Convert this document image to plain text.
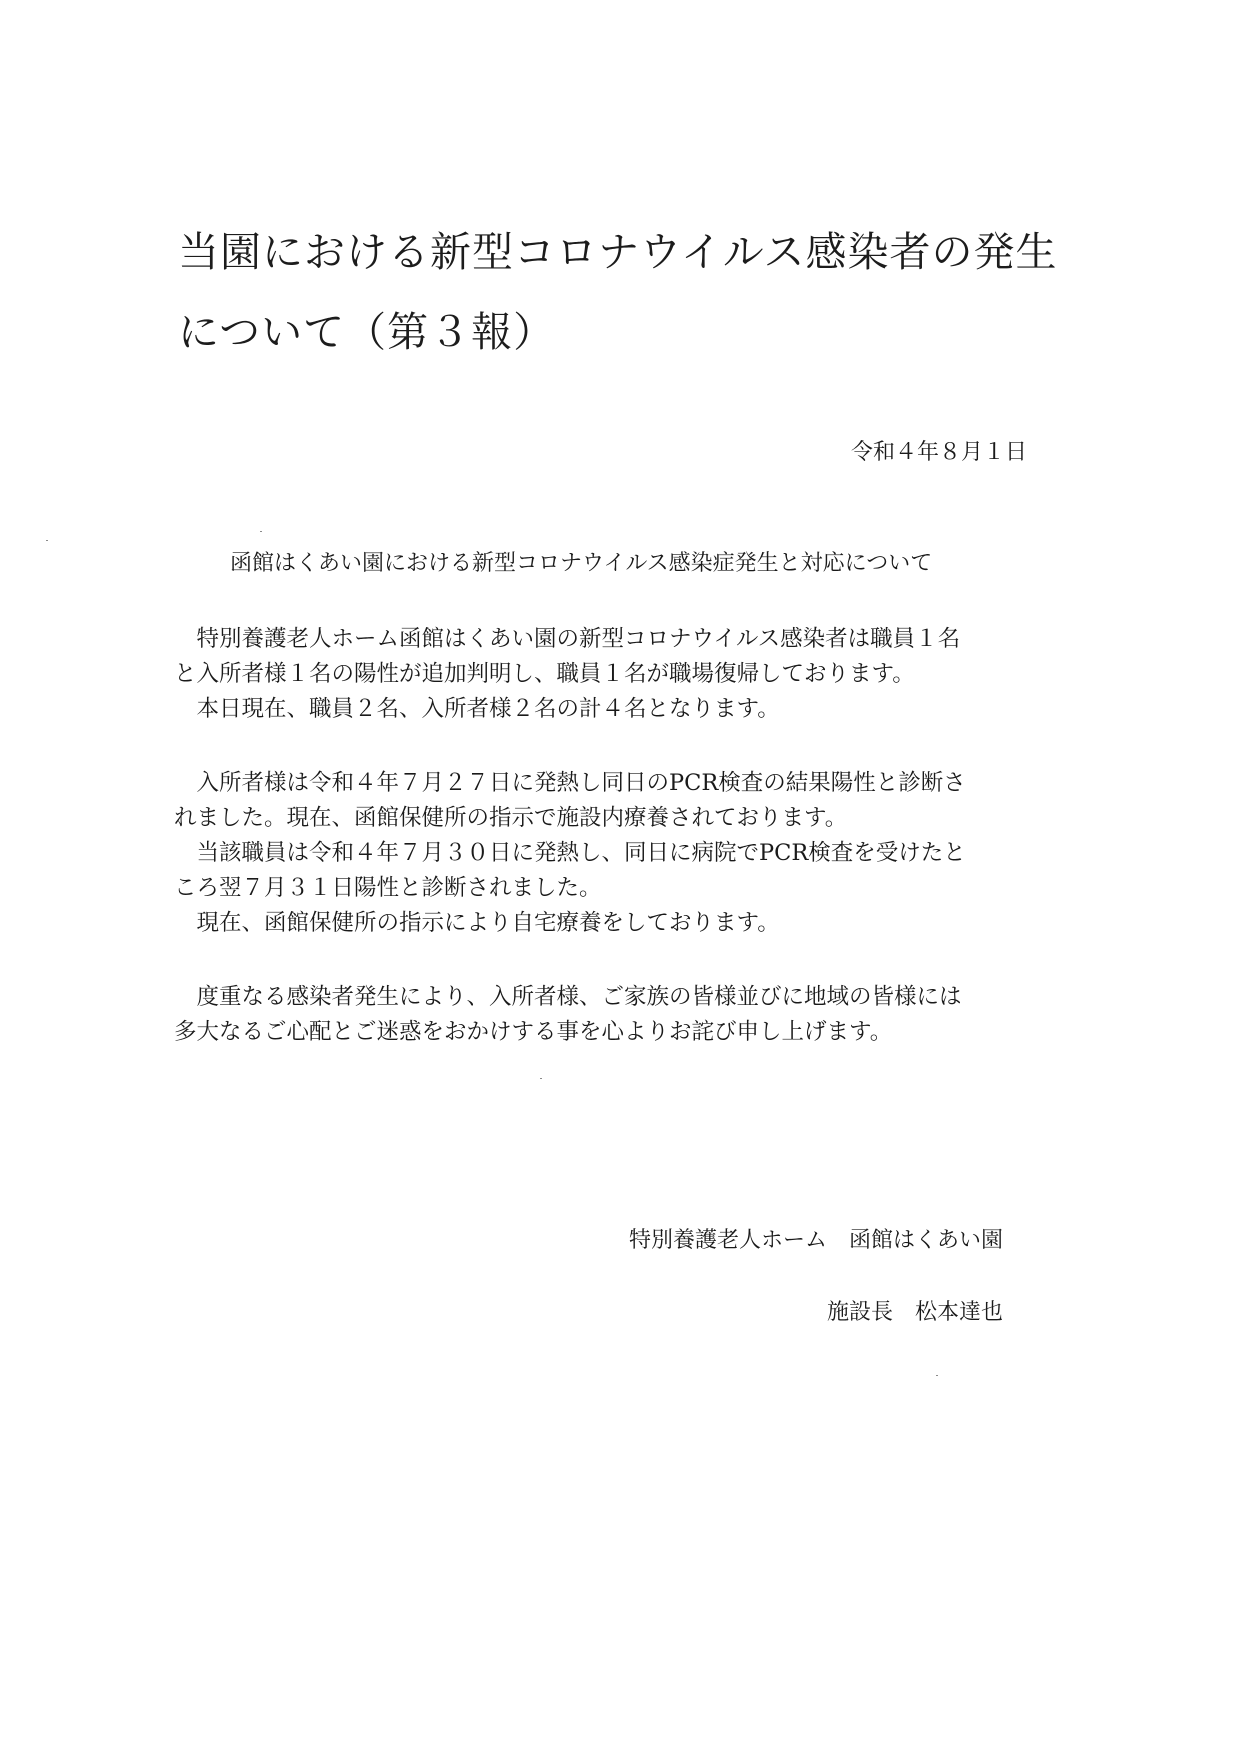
当園における新型コロナウイルス感染者の発生
について（第３報）
令和４年８月１日
函館はくあい園における新型コロナウイルス感染症発生と対応について

特別養護老人ホーム函館はくあい園の新型コロナウイルス感染者は職員１名
と入所者様１名の陽性が追加判明し、職員１名が職場復帰しております。
本日現在、職員２名、入所者様２名の計４名となります。

入所者様は令和４年７月２７日に発熱し同日のPCR検査の結果陽性と診断さ
れました。現在、函館保健所の指示で施設内療養されております。
当該職員は令和４年７月３０日に発熱し、同日に病院でPCR検査を受けたと
ころ翌７月３１日陽性と診断されました。
現在、函館保健所の指示により自宅療養をしております。

度重なる感染者発生により、入所者様、ご家族の皆様並びに地域の皆様には
多大なるご心配とご迷惑をおかけする事を心よりお詫び申し上げます。

特別養護老人ホーム　函館はくあい園
施設長　松本達也
